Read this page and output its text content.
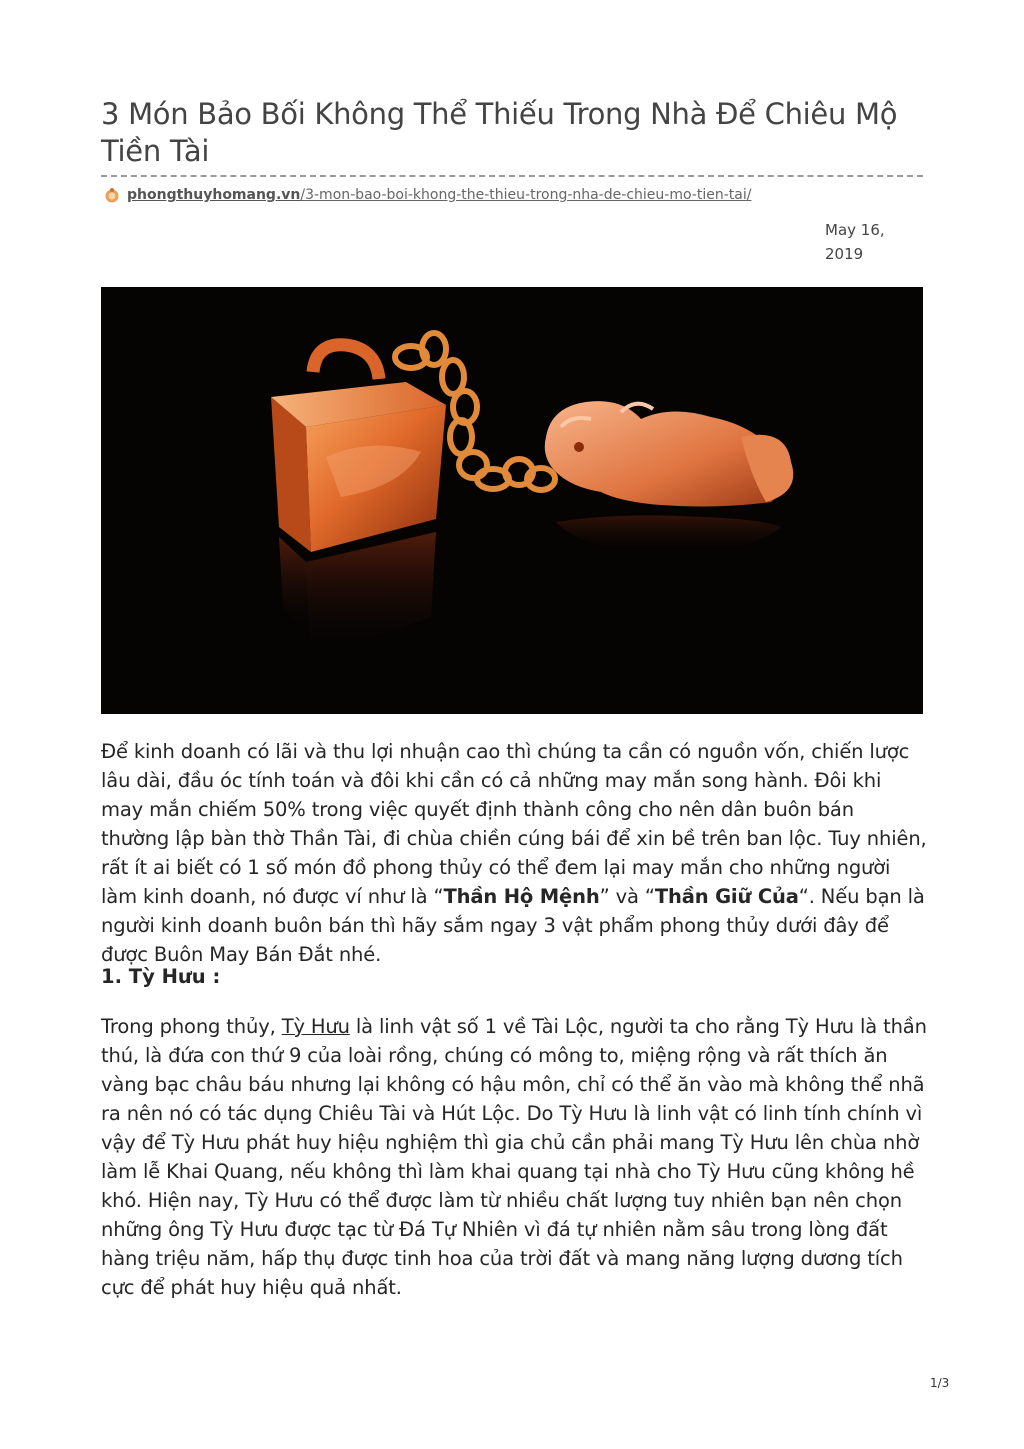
3 Món Bảo Bối Không Thể Thiếu Trong Nhà Để Chiêu Mộ Tiền Tài
phongthuyhomang.vn /3-mon-bao-boi-khong-the-thieu-trong-nha-de-chieu-mo-tien-tai/
May 16,
2019

Để kinh doanh có lãi và thu lợi nhuận cao thì chúng ta cần có nguồn vốn, chiến lược lâu dài, đầu óc tính toán và đôi khi cần có cả những may mắn song hành. Đôi khi may mắn chiếm 50% trong việc quyết định thành công cho nên dân buôn bán thường lập bàn thờ Thần Tài, đi chùa chiền cúng bái để xin bề trên ban lộc. Tuy nhiên, rất ít ai biết có 1 số món đồ phong thủy có thể đem lại may mắn cho những người làm kinh doanh, nó được ví như là “Thần Hộ Mệnh” và “Thần Giữ Của“. Nếu bạn là người kinh doanh buôn bán thì hãy sắm ngay 3 vật phẩm phong thủy dưới đây để được Buôn May Bán Đắt nhé.

1. Tỳ Hưu :

Trong phong thủy, Tỳ Hưu là linh vật số 1 về Tài Lộc, người ta cho rằng Tỳ Hưu là thần thú, là đứa con thứ 9 của loài rồng, chúng có mông to, miệng rộng và rất thích ăn vàng bạc châu báu nhưng lại không có hậu môn, chỉ có thể ăn vào mà không thể nhã ra nên nó có tác dụng Chiêu Tài và Hút Lộc. Do Tỳ Hưu là linh vật có linh tính chính vì vậy để Tỳ Hưu phát huy hiệu nghiệm thì gia chủ cần phải mang Tỳ Hưu lên chùa nhờ làm lễ Khai Quang, nếu không thì làm khai quang tại nhà cho Tỳ Hưu cũng không hề khó. Hiện nay, Tỳ Hưu có thể được làm từ nhiều chất lượng tuy nhiên bạn nên chọn những ông Tỳ Hưu được tạc từ Đá Tự Nhiên vì đá tự nhiên nằm sâu trong lòng đất hàng triệu năm, hấp thụ được tinh hoa của trời đất và mang năng lượng dương tích cực để phát huy hiệu quả nhất.

1/3
